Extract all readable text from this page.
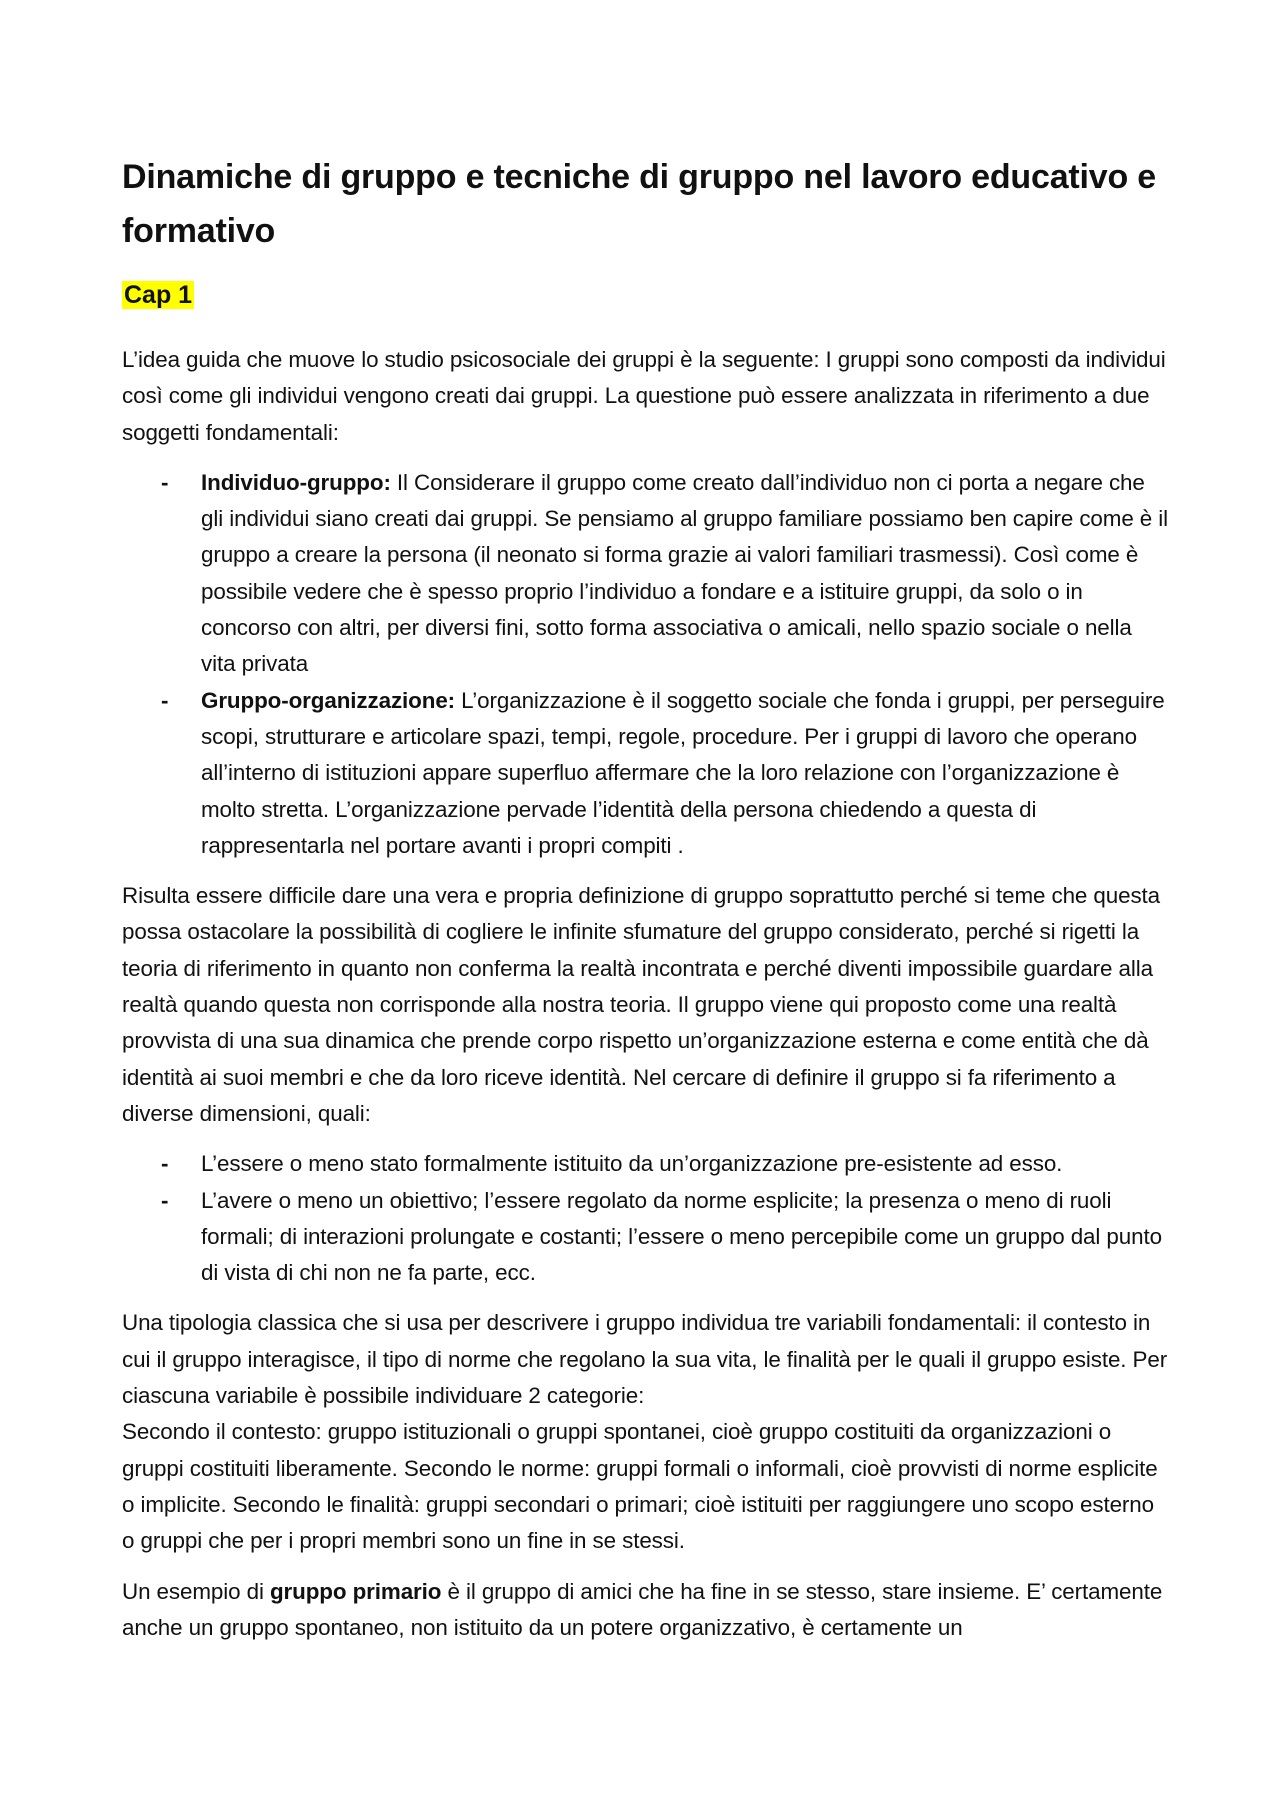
Dinamiche di gruppo e tecniche di gruppo nel lavoro educativo e formativo
Cap 1

L’idea guida che muove lo studio psicosociale dei gruppi è la seguente: I gruppi sono composti da individui così come gli individui vengono creati dai gruppi. La questione può essere analizzata in riferimento a due soggetti fondamentali:

- Individuo-gruppo: Il Considerare il gruppo come creato dall’individuo non ci porta a negare che gli individui siano creati dai gruppi. Se pensiamo al gruppo familiare possiamo ben capire come è il gruppo a creare la persona (il neonato si forma grazie ai valori familiari trasmessi). Così come è possibile vedere che è spesso proprio l’individuo a fondare e a istituire gruppi, da solo o in concorso con altri, per diversi fini, sotto forma associativa o amicali, nello spazio sociale o nella vita privata
- Gruppo-organizzazione: L’organizzazione è il soggetto sociale che fonda i gruppi, per perseguire scopi, strutturare e articolare spazi, tempi, regole, procedure. Per i gruppi di lavoro che operano all’interno di istituzioni appare superfluo affermare che la loro relazione con l’organizzazione è molto stretta. L’organizzazione pervade l’identità della persona chiedendo a questa di rappresentarla nel portare avanti i propri compiti .

Risulta essere difficile dare una vera e propria definizione di gruppo soprattutto perché si teme che questa possa ostacolare la possibilità di cogliere le infinite sfumature del gruppo considerato, perché si rigetti la teoria di riferimento in quanto non conferma la realtà incontrata e perché diventi impossibile guardare alla realtà quando questa non corrisponde alla nostra teoria. Il gruppo viene qui proposto come una realtà provvista di una sua dinamica che prende corpo rispetto un’organizzazione esterna e come entità che dà identità ai suoi membri e che da loro riceve identità. Nel cercare di definire il gruppo si fa riferimento a diverse dimensioni, quali:

- L’essere o meno stato formalmente istituito da un’organizzazione pre-esistente ad esso.
- L’avere o meno un obiettivo; l’essere regolato da norme esplicite; la presenza o meno di ruoli formali; di interazioni prolungate e costanti; l’essere o meno percepibile come un gruppo dal punto di vista di chi non ne fa parte, ecc.

Una tipologia classica che si usa per descrivere i gruppo individua tre variabili fondamentali: il contesto in cui il gruppo interagisce, il tipo di norme che regolano la sua vita, le finalità per le quali il gruppo esiste. Per ciascuna variabile è possibile individuare 2 categorie:
Secondo il contesto: gruppo istituzionali o gruppi spontanei, cioè gruppo costituiti da organizzazioni o gruppi costituiti liberamente. Secondo le norme: gruppi formali o informali, cioè provvisti di norme esplicite o implicite. Secondo le finalità: gruppi secondari o primari; cioè istituiti per raggiungere uno scopo esterno o gruppi che per i propri membri sono un fine in se stessi.

Un esempio di gruppo primario è il gruppo di amici che ha fine in se stesso, stare insieme. E’ certamente anche un gruppo spontaneo, non istituito da un potere organizzativo, è certamente un
